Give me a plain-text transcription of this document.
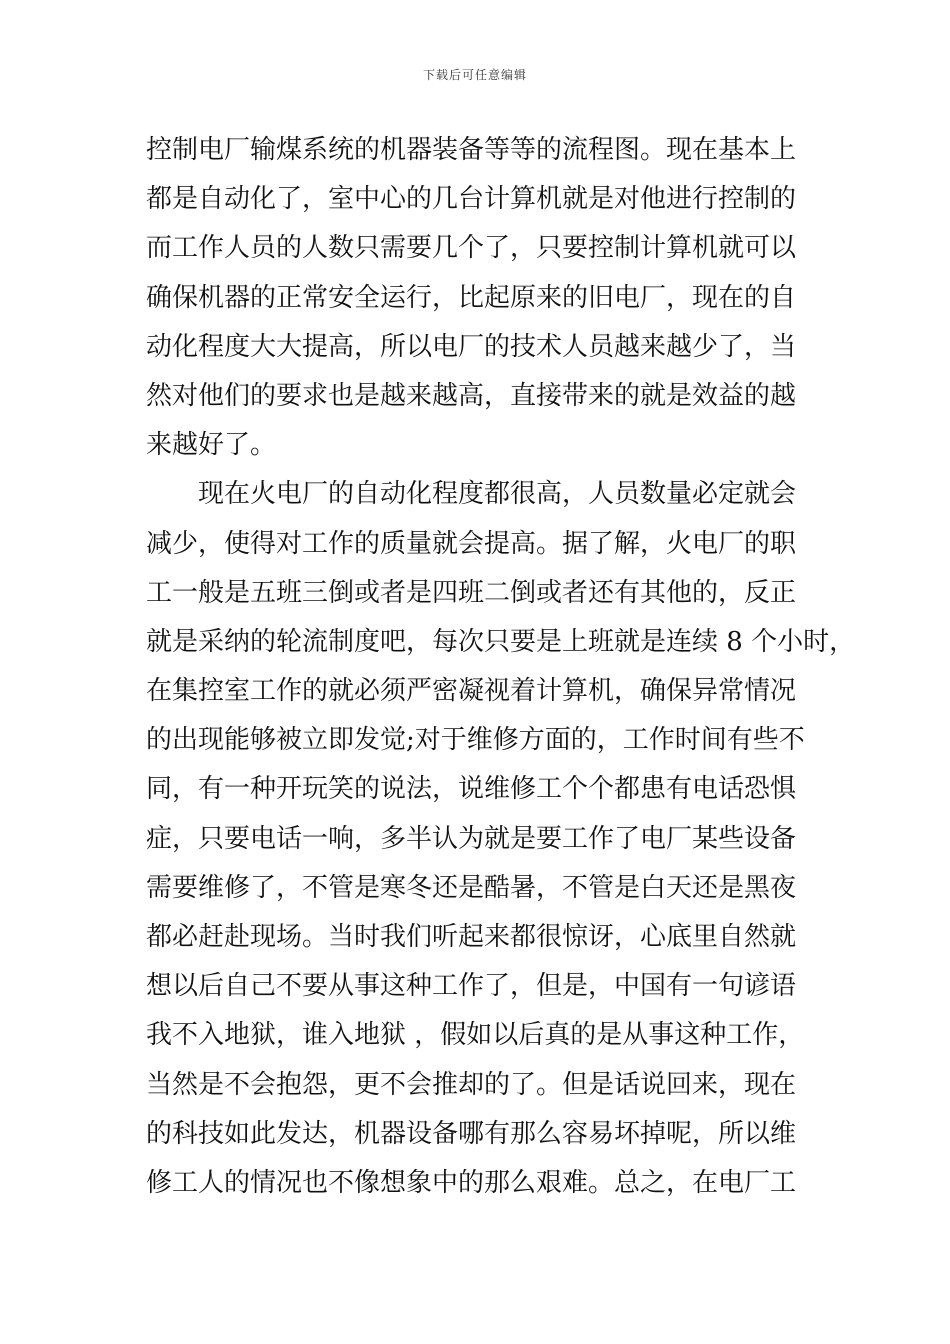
下载后可任意编辑
控制电厂输煤系统的机器装备等等的流程图。现在基本上
都是自动化了，室中心的几台计算机就是对他进行控制的
而工作人员的人数只需要几个了，只要控制计算机就可以
确保机器的正常安全运行，比起原来的旧电厂，现在的自
动化程度大大提高，所以电厂的技术人员越来越少了，当
然对他们的要求也是越来越高，直接带来的就是效益的越
来越好了。
　　现在火电厂的自动化程度都很高，人员数量必定就会
减少，使得对工作的质量就会提高。据了解，火电厂的职
工一般是五班三倒或者是四班二倒或者还有其他的，反正
就是采纳的轮流制度吧，每次只要是上班就是连续 8 个小时，
在集控室工作的就必须严密凝视着计算机，确保异常情况
的出现能够被立即发觉;对于维修方面的，工作时间有些不
同，有一种开玩笑的说法，说维修工个个都患有电话恐惧
症，只要电话一响，多半认为就是要工作了电厂某些设备
需要维修了，不管是寒冬还是酷暑，不管是白天还是黑夜
都必赶赴现场。当时我们听起来都很惊讶，心底里自然就
想以后自己不要从事这种工作了，但是，中国有一句谚语
我不入地狱，谁入地狱 ，假如以后真的是从事这种工作，
当然是不会抱怨，更不会推却的了。但是话说回来，现在
的科技如此发达，机器设备哪有那么容易坏掉呢，所以维
修工人的情况也不像想象中的那么艰难。总之，在电厂工
